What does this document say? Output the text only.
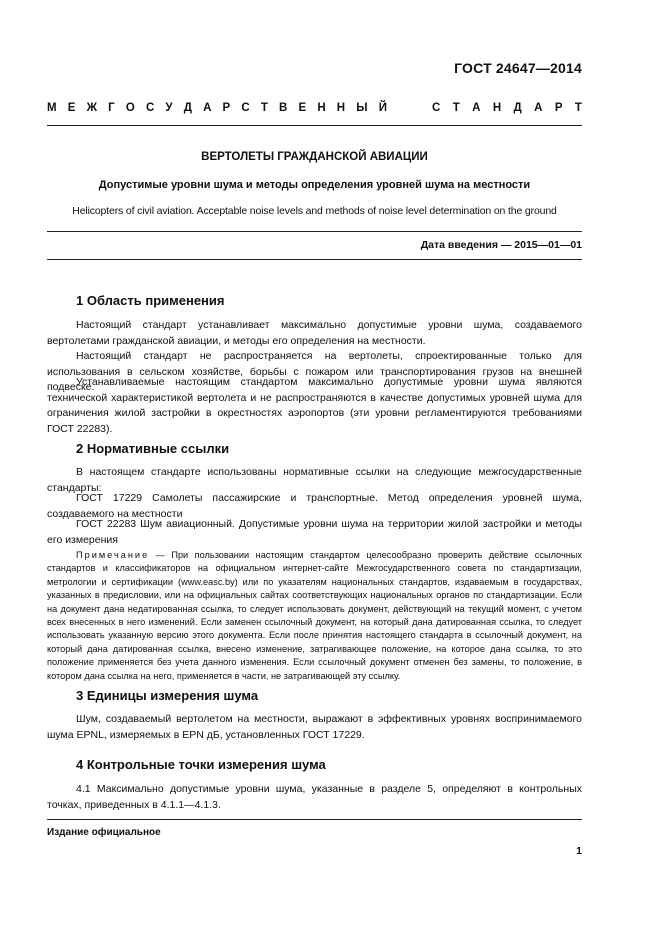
ГОСТ 24647—2014
М Е Ж Г О С У Д А Р С Т В Е Н Н Ы Й	С Т А Н Д А Р Т
ВЕРТОЛЕТЫ ГРАЖДАНСКОЙ АВИАЦИИ
Допустимые уровни шума и методы определения уровней шума на местности
Helicopters of civil aviation. Acceptable noise levels and methods of noise level determination on the ground
Дата введения — 2015—01—01
1 Область применения
Настоящий стандарт устанавливает максимально допустимые уровни шума, создаваемого вертолетами гражданской авиации, и методы его определения на местности.
Настоящий стандарт не распространяется на вертолеты, спроектированные только для использования в сельском хозяйстве, борьбы с пожаром или транспортирования грузов на внешней подвеске.
Устанавливаемые настоящим стандартом максимально допустимые уровни шума являются технической характеристикой вертолета и не распространяются в качестве допустимых уровней шума для ограничения жилой застройки в окрестностях аэропортов (эти уровни регламентируются требованиями ГОСТ 22283).
2 Нормативные ссылки
В настоящем стандарте использованы нормативные ссылки на следующие межгосударственные стандарты:
ГОСТ 17229 Самолеты пассажирские и транспортные. Метод определения уровней шума, создаваемого на местности
ГОСТ 22283 Шум авиационный. Допустимые уровни шума на территории жилой застройки и методы его измерения
Примечание — При пользовании настоящим стандартом целесообразно проверить действие ссылочных стандартов и классификаторов на официальном интернет-сайте Межгосударственного совета по стандартизации, метрологии и сертификации (www.easc.by) или по указателям национальных стандартов, издаваемым в государствах, указанных в предисловии, или на официальных сайтах соответствующих национальных органов по стандартизации. Если на документ дана недатированная ссылка, то следует использовать документ, действующий на текущий момент, с учетом всех внесенных в него изменений. Если заменен ссылочный документ, на который дана датированная ссылка, то следует использовать указанную версию этого документа. Если после принятия настоящего стандарта в ссылочный документ, на который дана датированная ссылка, внесено изменение, затрагивающее положение, на которое дана ссылка, то это положение применяется без учета данного изменения. Если ссылочный документ отменен без замены, то положение, в котором дана ссылка на него, применяется в части, не затрагивающей эту ссылку.
3 Единицы измерения шума
Шум, создаваемый вертолетом на местности, выражают в эффективных уровнях воспринимаемого шума EPNL, измеряемых в EPN дБ, установленных ГОСТ 17229.
4 Контрольные точки измерения шума
4.1 Максимально допустимые уровни шума, указанные в разделе 5, определяют в контрольных точках, приведенных в 4.1.1—4.1.3.
Издание официальное
1
